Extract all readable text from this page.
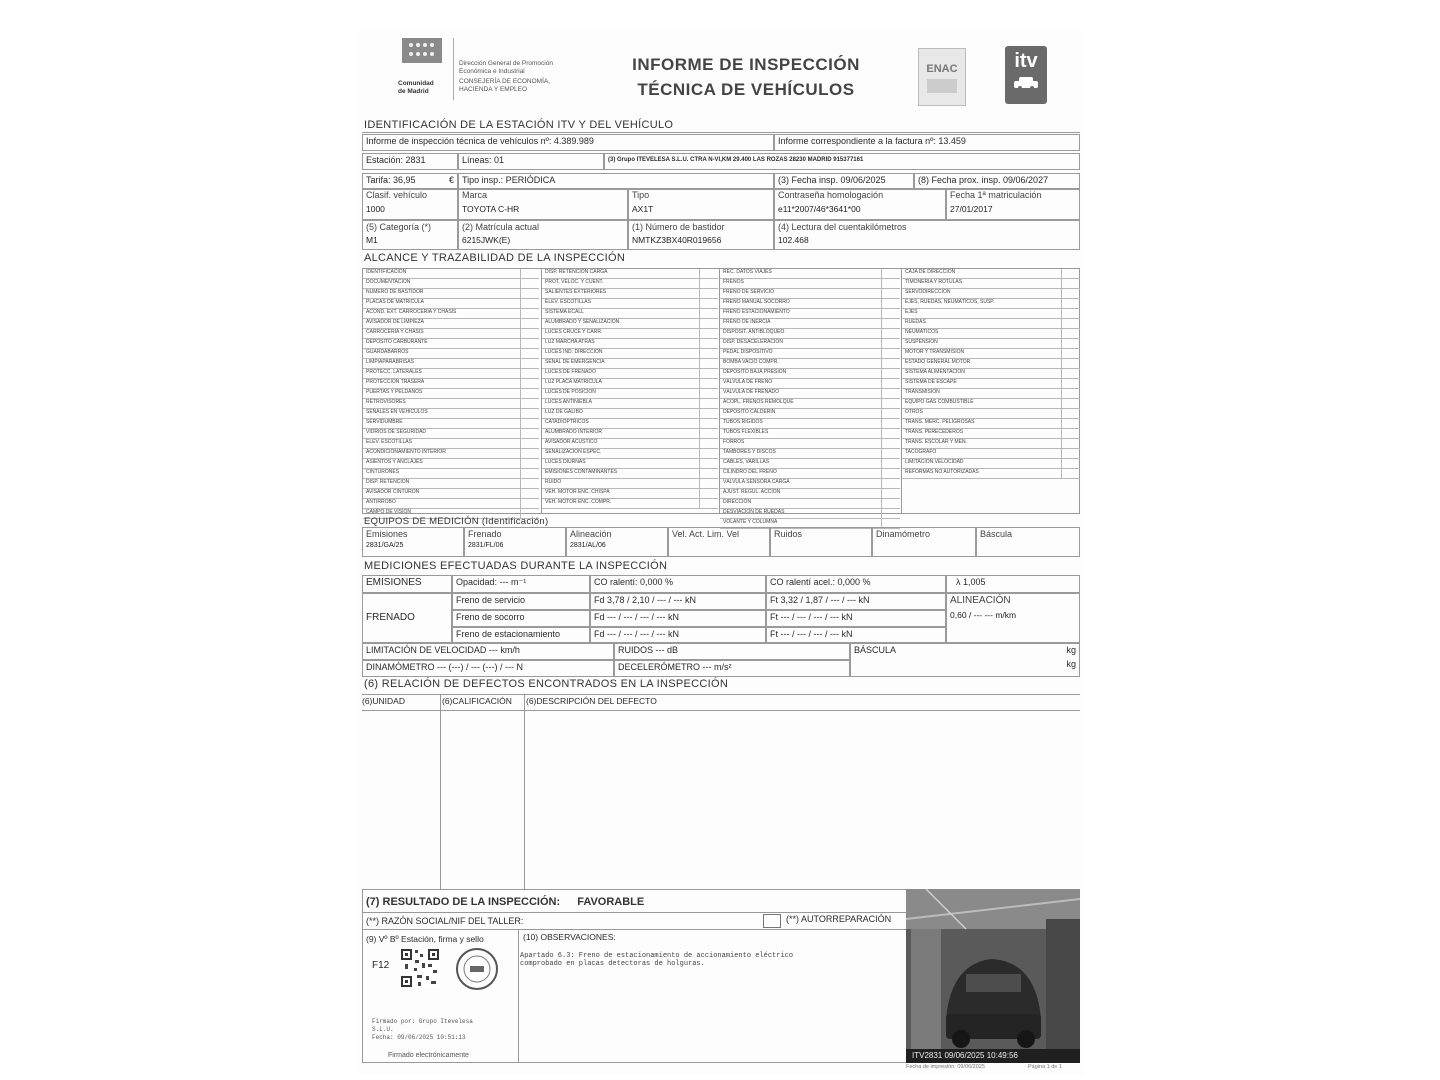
Comunidad
de Madrid
Dirección General de Promoción
Económica e Industrial
CONSEJERÍA DE ECONOMÍA,
HACIENDA Y EMPLEO
INFORME DE INSPECCIÓN
TÉCNICA DE VEHÍCULOS
ENAC	itv
IDENTIFICACIÓN DE LA ESTACIÓN ITV Y DEL VEHÍCULO
Informe de inspección técnica de vehículos nº: 4.389.989	Informe correspondiente a la factura nº: 13.459
Estación: 2831	Líneas: 01	(3) Grupo ITEVELESA S.L.U. CTRA N-VI,KM 29.400 LAS ROZAS 28230 MADRID 915377161
Tarifa: 36,95	€ Tipo insp.: PERIÓDICA	(3) Fecha insp. 09/06/2025	(8) Fecha prox. insp. 09/06/2027
Clasif. vehículo
1000
Marca
TOYOTA C-HR
Tipo
AX1T
Contraseña homologación
e11*2007/46*3641*00
Fecha 1ª matriculación
27/01/2017
(5) Categoría (*)
M1
(2) Matrícula actual
6215JWK(E)
(1) Número de bastidor
NMTKZ3BX40R019656
(4) Lectura del cuentakilómetros
102.468
ALCANCE Y TRAZABILIDAD DE LA INSPECCIÓN
IDENTIFICACIÓN
DOCUMENTACIÓN
NÚMERO DE BASTIDOR
PLACAS DE MATRÍCULA
ACOND. EXT. CARROCERÍA Y CHASIS
AVISADOR DE LIMPIEZA
CARROCERÍA Y CHASIS
DEPÓSITO CARBURANTE
GUARDABARROS
LIMPIAPARABRISAS
PROTECC. LATERALES
PROTECCIÓN TRASERA
PUERTAS Y PELDAÑOS
RETROVISORES
SEÑALES EN VEHÍCULOS
SERVIDUMBRE
VIDRIOS DE SEGURIDAD
ELEV. ESCOTILLAS
ACONDICIONAMIENTO INTERIOR
ASIENTOS Y ANCLAJES
CINTURONES
DISP. RETENCIÓN
AVISADOR CINTURÓN
ANTIRROBO
CAMPO DE VISIÓN
DISP. RETENCIÓN CARGA
PROT. VELOC. Y CUENT.
SALIENTES EXTERIORES
ELEV. ESCOTILLAS
SISTEMA ECALL
ALUMBRADO Y SEÑALIZACIÓN
LUCES CRUCE Y CARR.
LUZ MARCHA ATRÁS
LUCES IND. DIRECCIÓN
SEÑAL DE EMERGENCIA
LUCES DE FRENADO
LUZ PLACA MATRÍCULA
LUCES DE POSICIÓN
LUCES ANTINIEBLA
LUZ DE GÁLIBO
CATADIÓPTRICOS
ALUMBRADO INTERIOR
AVISADOR ACÚSTICO
SEÑALIZACIÓN ESPEC.
LUCES DIURNAS
EMISIONES CONTAMINANTES
RUIDO
VEH. MOTOR ENC. CHISPA
VEH. MOTOR ENC. COMPR.
REC. DATOS VIAJES
FRENOS
FRENO DE SERVICIO
FRENO MANUAL SOCORRO
FRENO ESTACIONAMIENTO
FRENO DE INERCIA
DISPOSIT. ANTIBLOQUEO
DISP. DESACELERACIÓN
PEDAL DISPOSITIVO
BOMBA VACÍO COMPR.
DEPÓSITO BAJA PRESIÓN
VÁLVULA DE FRENO
VÁLVULA DE FRENADO
ACOPL. FRENOS REMOLQUE
DEPÓSITO CALDERÍN
TUBOS RÍGIDOS
TUBOS FLEXIBLES
FORROS
TAMBORES Y DISCOS
CABLES, VARILLAS
CILINDRO DEL FRENO
VÁLVULA SENSORA CARGA
AJUST. REGUL. ACCIÓN
DIRECCIÓN
DESVIACIÓN DE RUEDAS
VOLANTE Y COLUMNA
CAJA DE DIRECCIÓN
TIMONERÍA Y RÓTULAS
SERVODIRECCIÓN
EJES, RUEDAS, NEUMÁTICOS, SUSP.
EJES
RUEDAS
NEUMÁTICOS
SUSPENSIÓN
MOTOR Y TRANSMISIÓN
ESTADO GENERAL MOTOR
SISTEMA ALIMENTACIÓN
SISTEMA DE ESCAPE
TRANSMISIÓN
EQUIPO GAS COMBUSTIBLE
OTROS
TRANS. MERC. PELIGROSAS
TRANS. PERECEDEROS
TRANS. ESCOLAR Y MEN.
TACÓGRAFO
LIMITACIÓN VELOCIDAD
REFORMAS NO AUTORIZADAS
EQUIPOS DE MEDICIÓN (Identificación)
Emisiones
2831/GA/25
Frenado
2831/FL/06
Alineación
2831/AL/06
Vel. Act. Lim. Vel	Ruidos	Dinamómetro	Báscula
MEDICIONES EFECTUADAS DURANTE LA INSPECCIÓN
EMISIONES	Opacidad: --- m⁻¹	CO ralentí: 0,000 %	CO ralentí acel.: 0,000 %	λ 1,005
FRENADO
Freno de servicio	Fd 3,78 / 2,10 / --- / --- kN	Ft 3,32 / 1,87 / --- / --- kN
Freno de socorro	Fd --- / --- / --- / --- kN	Ft --- / --- / --- / --- kN
Freno de estacionamiento	Fd --- / --- / --- / --- kN	Ft --- / --- / --- / --- kN
ALINEACIÓN
0,60 / --- --- m/km
LIMITACIÓN DE VELOCIDAD --- km/h	RUIDOS --- dB	BÁSCULA	kg

kg
DINAMÓMETRO --- (---) / --- (---) / --- N	DECELERÓMETRO --- m/s²
(6) RELACIÓN DE DEFECTOS ENCONTRADOS EN LA INSPECCIÓN
(6)UNIDAD	(6)CALIFICACIÓN	(6)DESCRIPCIÓN DEL DEFECTO
(7) RESULTADO DE LA INSPECCIÓN: FAVORABLE
(**) RAZÓN SOCIAL/NIF DEL TALLER:	(**) AUTORREPARACIÓN
(9) Vº Bº Estación, firma y sello	(10) OBSERVACIONES:
Apartado 6.3: Freno de estacionamiento de accionamiento eléctrico
comprobado en placas detectoras de holguras.
F12
Firmado por: Grupo Itevelesa
S.L.U.
Fecha: 09/06/2025 10:51:13
Firmado electrónicamente	ITV2831 09/06/2025 10:49:56
Fecha de impresión: 09/06/2025	Página 1 de 1
